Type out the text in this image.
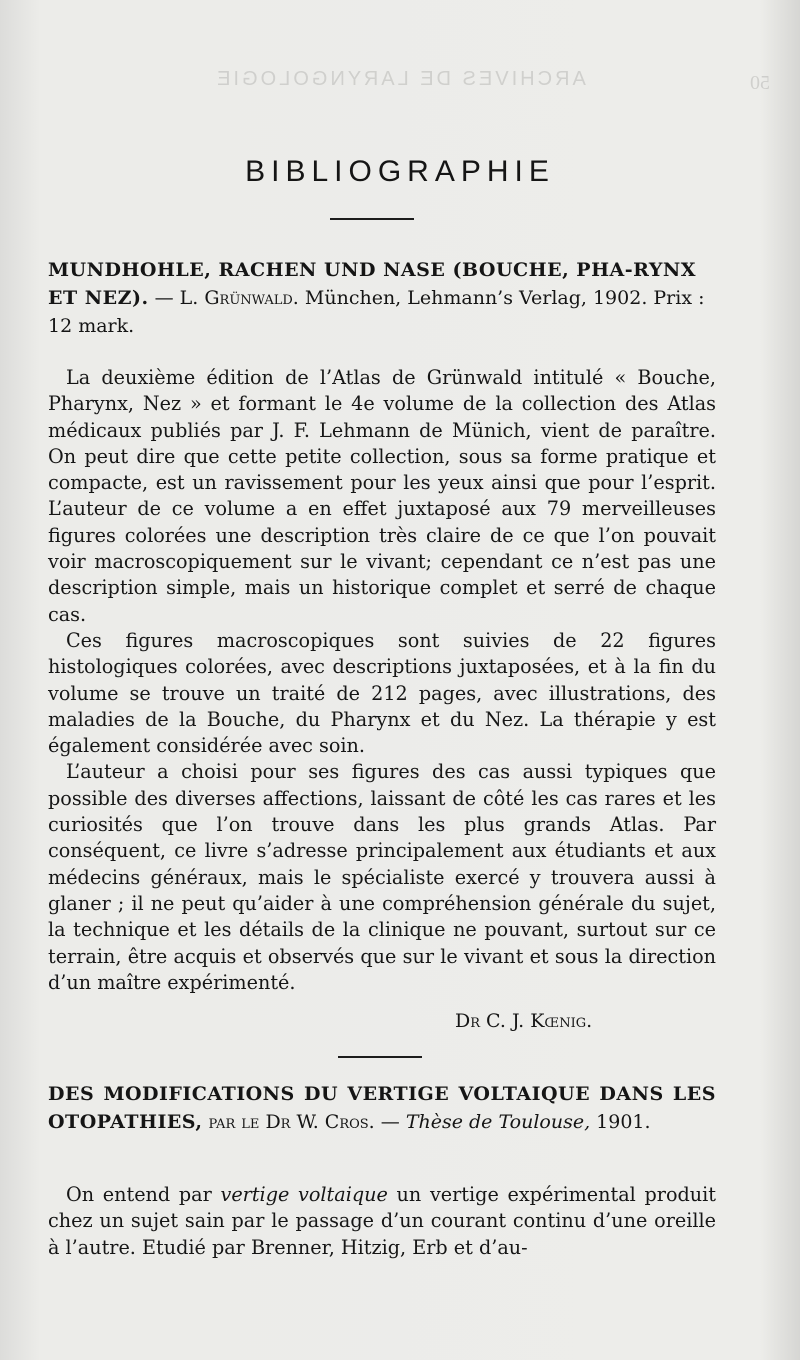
ARCHIVES DE LARYNGOLOGIE	50
BIBLIOGRAPHIE
MUNDHOHLE, RACHEN UND NASE (BOUCHE, PHA-RYNX ET NEZ). — L. Grünwald. München, Lehmann’s Verlag, 1902. Prix : 12 mark.

La deuxième édition de l’Atlas de Grünwald intitulé « Bouche, Pharynx, Nez » et formant le 4e volume de la collection des Atlas médicaux publiés par J. F. Lehmann de Münich, vient de paraître. On peut dire que cette petite collection, sous sa forme pratique et compacte, est un ravissement pour les yeux ainsi que pour l’esprit. L’auteur de ce volume a en effet juxtaposé aux 79 merveilleuses figures colorées une description très claire de ce que l’on pouvait voir macroscopiquement sur le vivant; cependant ce n’est pas une description simple, mais un historique complet et serré de chaque cas.

Ces figures macroscopiques sont suivies de 22 figures histologiques colorées, avec descriptions juxtaposées, et à la fin du volume se trouve un traité de 212 pages, avec illustrations, des maladies de la Bouche, du Pharynx et du Nez. La thérapie y est également considérée avec soin.

L’auteur a choisi pour ses figures des cas aussi typiques que possible des diverses affections, laissant de côté les cas rares et les curiosités que l’on trouve dans les plus grands Atlas. Par conséquent, ce livre s’adresse principalement aux étudiants et aux médecins généraux, mais le spécialiste exercé y trouvera aussi à glaner ; il ne peut qu’aider à une compréhension générale du sujet, la technique et les détails de la clinique ne pouvant, surtout sur ce terrain, être acquis et observés que sur le vivant et sous la direction d’un maître expérimenté.

Dr C. J. Kœnig.
DES MODIFICATIONS DU VERTIGE VOLTAIQUE DANS LES OTOPATHIES, par le Dr W. Cros. — Thèse de Toulouse, 1901.

On entend par vertige voltaique un vertige expérimental produit chez un sujet sain par le passage d’un courant continu d’une oreille à l’autre. Etudié par Brenner, Hitzig, Erb et d’au-
